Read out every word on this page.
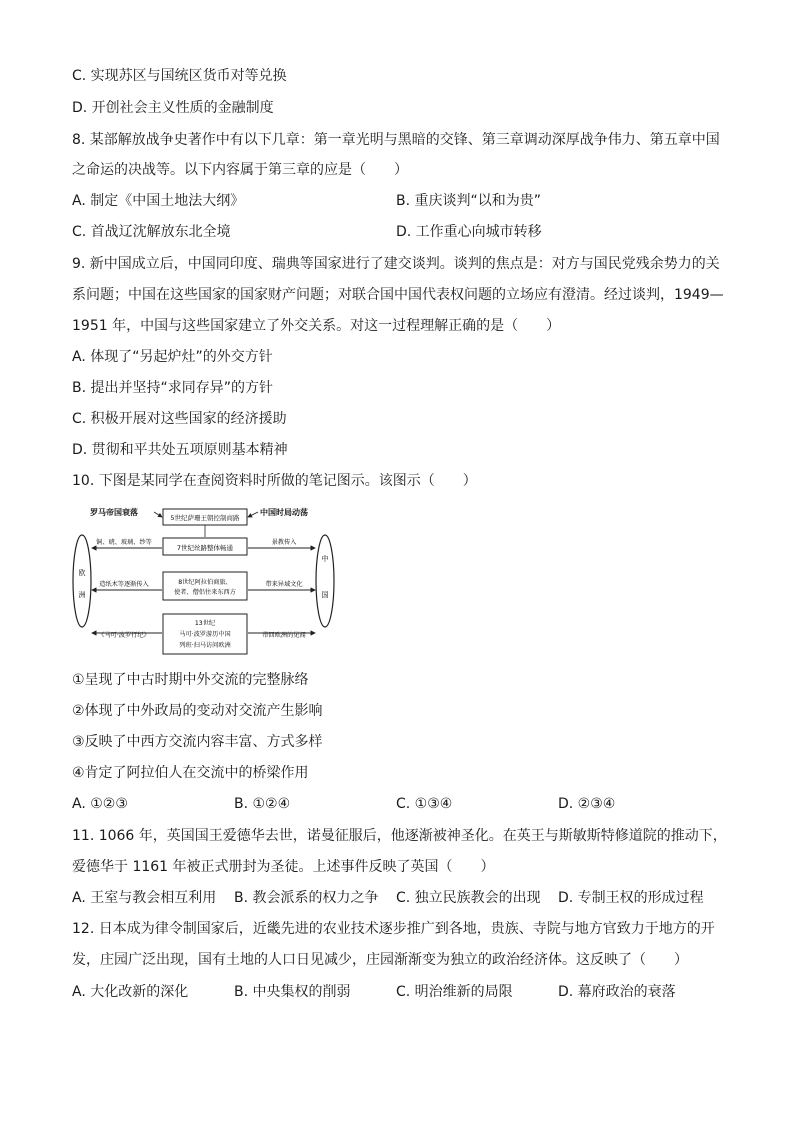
C. 实现苏区与国统区货币对等兑换
D. 开创社会主义性质的金融制度
8. 某部解放战争史著作中有以下几章：第一章光明与黑暗的交锋、第三章调动深厚战争伟力、第五章中国
之命运的决战等。以下内容属于第三章的应是（　　）
A. 制定《中国土地法大纲》	B. 重庆谈判“以和为贵”
C. 首战辽沈解放东北全境	D. 工作重心向城市转移
9. 新中国成立后，中国同印度、瑞典等国家进行了建交谈判。谈判的焦点是：对方与国民党残余势力的关
系问题；中国在这些国家的国家财产问题；对联合国中国代表权问题的立场应有澄清。经过谈判，1949—
1951 年，中国与这些国家建立了外交关系。对这一过程理解正确的是（　　）
A. 体现了“另起炉灶”的外交方针
B. 提出并坚持“求同存异”的方针
C. 积极开展对这些国家的经济援助
D. 贯彻和平共处五项原则基本精神
10. 下图是某同学在查阅资料时所做的笔记图示。该图示（　　）
罗马帝国衰落	中国时局动荡
5世纪萨珊王朝控制商路
欧
洲
中
国
7世纪丝路整体畅通
8世纪阿拉伯商旅、
使者、僧侣往来东西方
13世纪
马可·波罗游历中国
列班·扫马访问欧洲
铜、琥、玻璃、纱等
造纸术等逐渐传入
《马可·波罗行纪》
景教传入
带来异域文化
带回欧洲的见闻
①呈现了中古时期中外交流的完整脉络
②体现了中外政局的变动对交流产生影响
③反映了中西方交流内容丰富、方式多样
④肯定了阿拉伯人在交流中的桥梁作用
A. ①②③	B. ①②④	C. ①③④	D. ②③④
11. 1066 年，英国国王爱德华去世，诺曼征服后，他逐渐被神圣化。在英王与斯敏斯特修道院的推动下，
爱德华于 1161 年被正式册封为圣徒。上述事件反映了英国（　　）
A. 王室与教会相互利用 B. 教会派系的权力之争 C. 独立民族教会的出现 D. 专制王权的形成过程
12. 日本成为律令制国家后，近畿先进的农业技术逐步推广到各地，贵族、寺院与地方官致力于地方的开
发，庄园广泛出现，国有土地的人口日见减少，庄园渐渐变为独立的政治经济体。这反映了（　　）
A. 大化改新的深化	B. 中央集权的削弱	C. 明治维新的局限	D. 幕府政治的衰落
